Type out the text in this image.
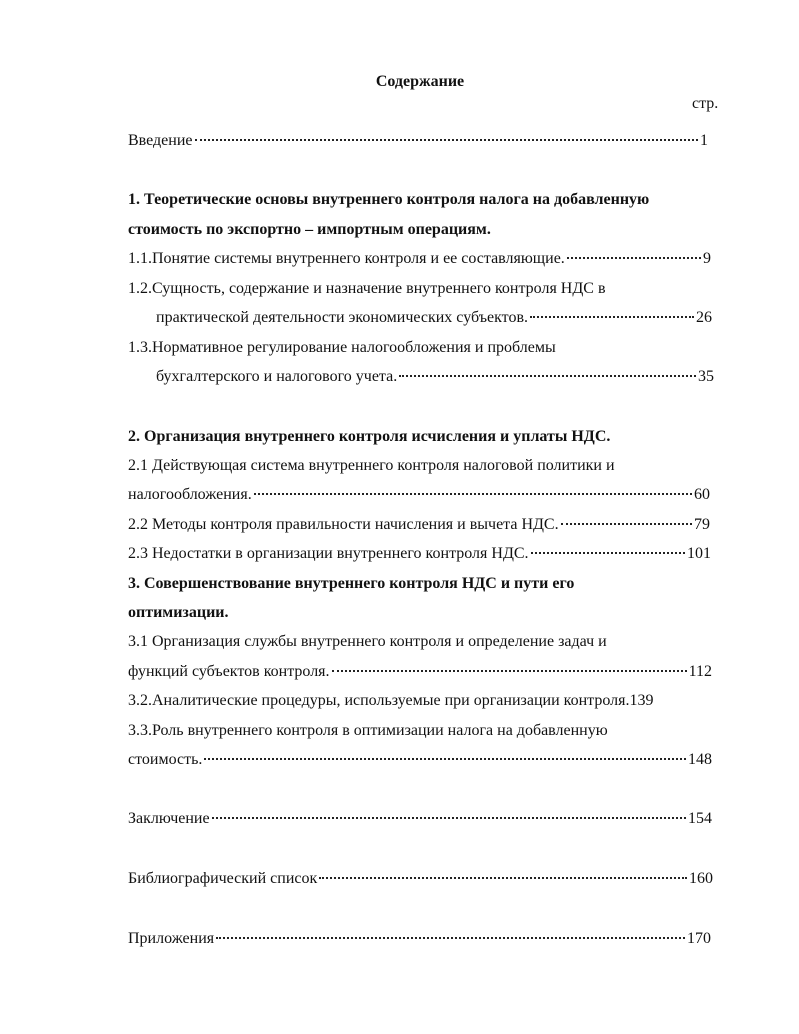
Содержание

стр.

Введение	1

1. Теоретические основы внутреннего контроля налога на добавленную

стоимость по экспортно – импортным операциям.

1.1.Понятие системы внутреннего контроля и ее составляющие.	9

1.2.Сущность, содержание и назначение внутреннего контроля НДС в

практической деятельности экономических субъектов.	26

1.3.Нормативное регулирование налогообложения и проблемы

бухгалтерского и налогового учета.	35

2. Организация внутреннего контроля исчисления и уплаты НДС.

2.1 Действующая система внутреннего контроля налоговой политики и

налогообложения.	60
2.2 Методы контроля правильности начисления и вычета НДС.	79
2.3 Недостатки в организации внутреннего контроля НДС.	101

3. Совершенствование внутреннего контроля НДС и пути его

оптимизации.

3.1 Организация службы внутреннего контроля и определение задач и

функций субъектов контроля.	112
3.2.Аналитические процедуры, используемые при организации контроля. 139

3.3.Роль внутреннего контроля в оптимизации налога на добавленную

стоимость.	148
Заключение	154
Библиографический список	160
Приложения	170
